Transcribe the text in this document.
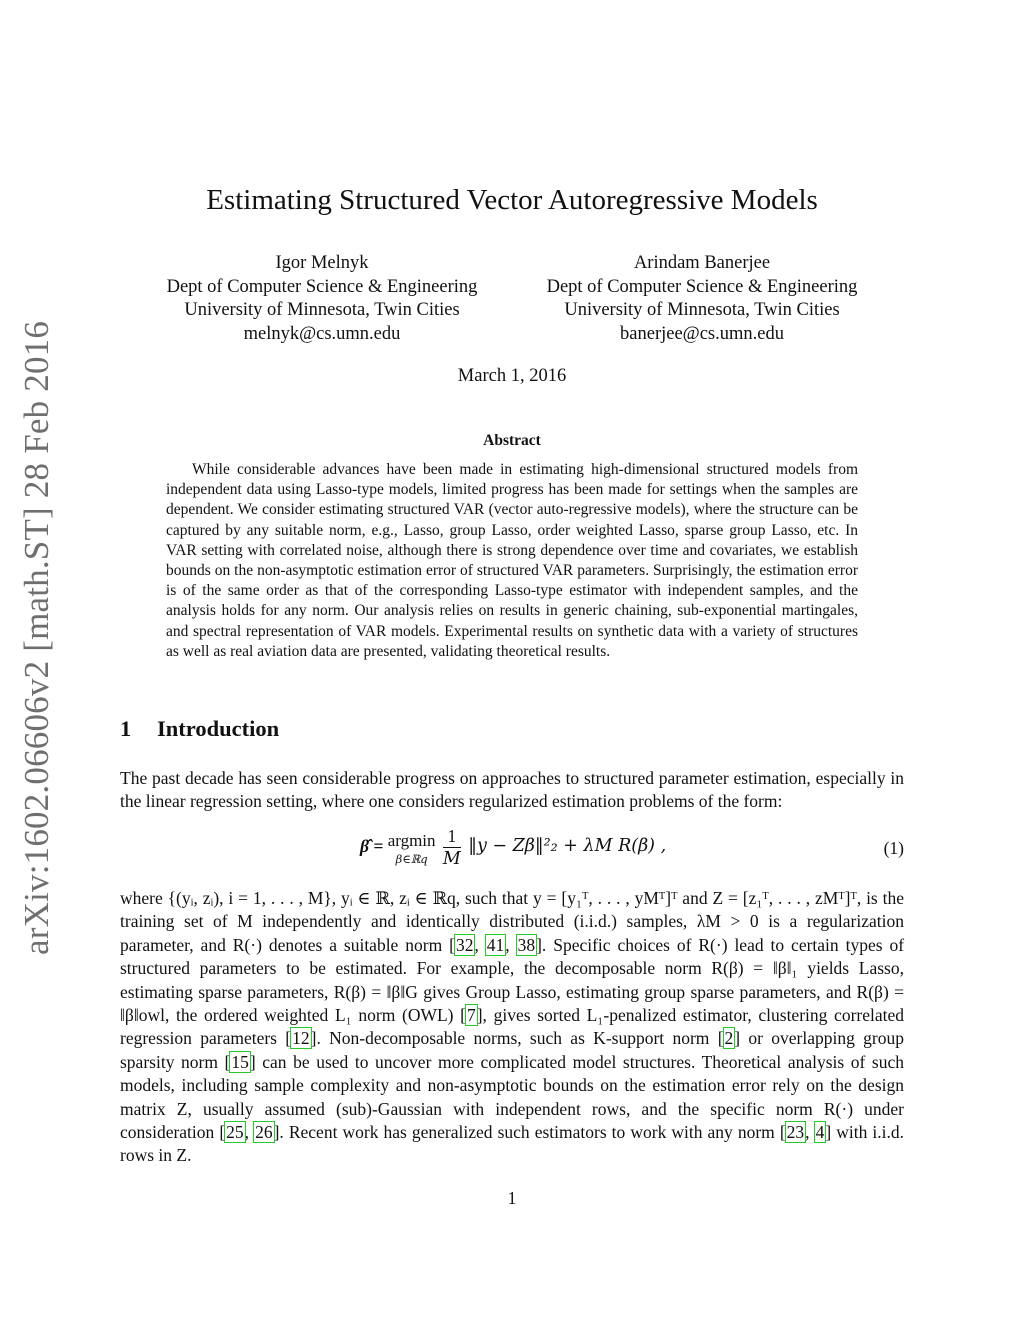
arXiv:1602.06606v2 [math.ST] 28 Feb 2016
Estimating Structured Vector Autoregressive Models
Igor Melnyk
Dept of Computer Science & Engineering
University of Minnesota, Twin Cities
melnyk@cs.umn.edu
Arindam Banerjee
Dept of Computer Science & Engineering
University of Minnesota, Twin Cities
banerjee@cs.umn.edu
March 1, 2016
Abstract
While considerable advances have been made in estimating high-dimensional structured models from independent data using Lasso-type models, limited progress has been made for settings when the samples are dependent. We consider estimating structured VAR (vector auto-regressive models), where the structure can be captured by any suitable norm, e.g., Lasso, group Lasso, order weighted Lasso, sparse group Lasso, etc. In VAR setting with correlated noise, although there is strong dependence over time and covariates, we establish bounds on the non-asymptotic estimation error of structured VAR parameters. Surprisingly, the estimation error is of the same order as that of the corresponding Lasso-type estimator with independent samples, and the analysis holds for any norm. Our analysis relies on results in generic chaining, sub-exponential martingales, and spectral representation of VAR models. Experimental results on synthetic data with a variety of structures as well as real aviation data are presented, validating theoretical results.
1 Introduction
The past decade has seen considerable progress on approaches to structured parameter estimation, especially in the linear regression setting, where one considers regularized estimation problems of the form:
β̂ = argmin
β∈ℝq
$\frac{1}{M}$ ‖y − Zβ‖²₂ + λM R(β) ,	(1)
where {(yᵢ, zᵢ), i = 1, . . . , M}, yᵢ ∈ ℝ, zᵢ ∈ ℝq, such that y = [y₁ᵀ, . . . , yMᵀ]ᵀ and Z = [z₁ᵀ, . . . , zMᵀ]ᵀ, is the training set of M independently and identically distributed (i.i.d.) samples, λM > 0 is a regularization parameter, and R(·) denotes a suitable norm [32, 41, 38]. Specific choices of R(·) lead to certain types of structured parameters to be estimated. For example, the decomposable norm R(β) = ‖β‖₁ yields Lasso, estimating sparse parameters, R(β) = ‖β‖G gives Group Lasso, estimating group sparse parameters, and R(β) = ‖β‖owl, the ordered weighted L₁ norm (OWL) [7], gives sorted L₁-penalized estimator, clustering correlated regression parameters [12]. Non-decomposable norms, such as K-support norm [2] or overlapping group sparsity norm [15] can be used to uncover more complicated model structures. Theoretical analysis of such models, including sample complexity and non-asymptotic bounds on the estimation error rely on the design matrix Z, usually assumed (sub)-Gaussian with independent rows, and the specific norm R(·) under consideration [25, 26]. Recent work has generalized such estimators to work with any norm [23, 4] with i.i.d. rows in Z.
1
